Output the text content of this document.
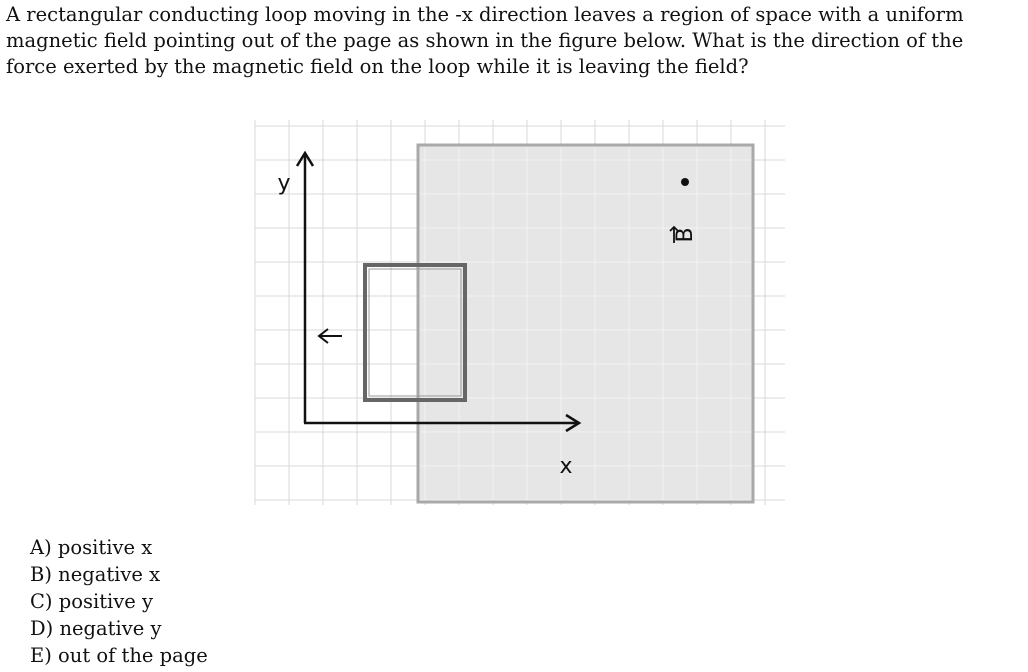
A rectangular conducting loop moving in the -x direction leaves a region of space with a uniform magnetic field pointing out of the page as shown in the figure below. What is the direction of the force exerted by the magnetic field on the loop while it is leaving the field?

B
y
x
A) positive x
B) negative x
C) positive y
D) negative y
E) out of the page
